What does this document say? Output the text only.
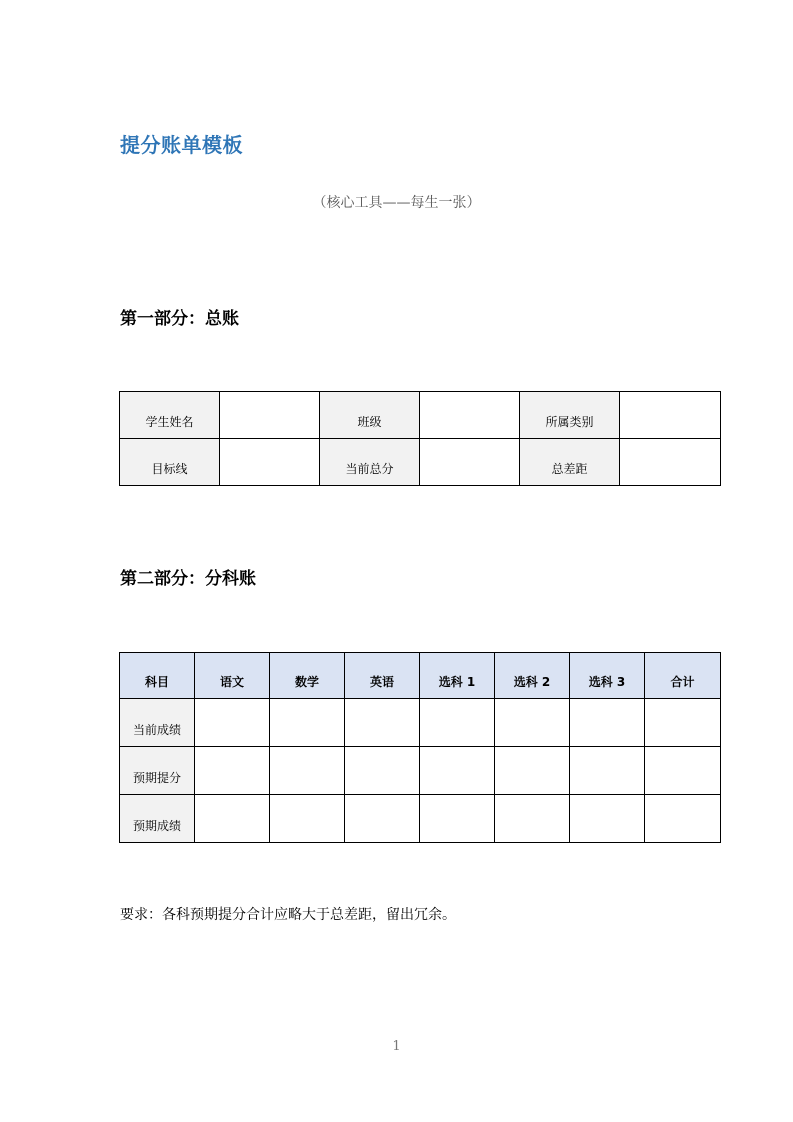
提分账单模板
（核心工具——每生一张）
第一部分：总账
学生姓名		班级		所属类别	
目标线		当前总分		总差距	
第二部分：分科账
科目	语文	数学	英语	选科 1	选科 2	选科 3	合计
当前成绩							
预期提分							
预期成绩							
要求：各科预期提分合计应略大于总差距，留出冗余。
1
